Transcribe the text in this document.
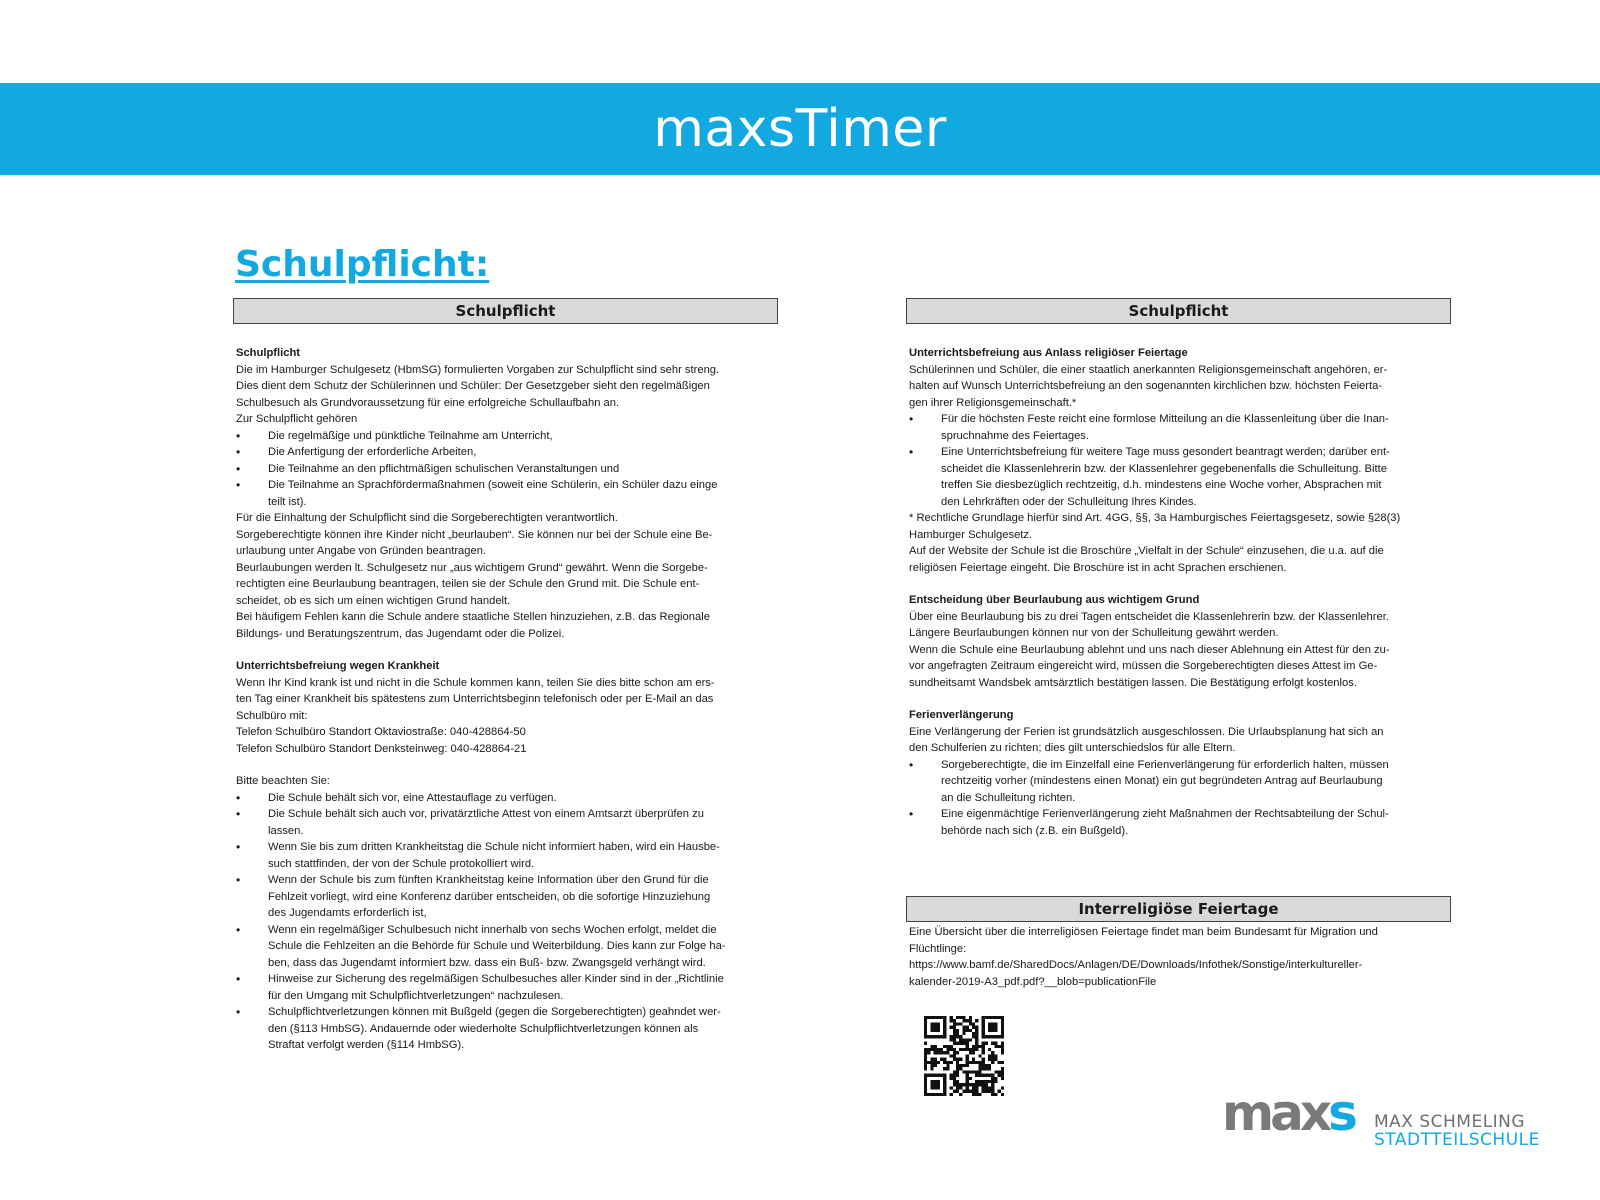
maxsTimer
Schulpflicht:
Schulpflicht
Schulpflicht
Die im Hamburger Schulgesetz (HbmSG) formulierten Vorgaben zur Schulpflicht sind sehr streng.
Dies dient dem Schutz der Schülerinnen und Schüler: Der Gesetzgeber sieht den regelmäßigen
Schulbesuch als Grundvoraussetzung für eine erfolgreiche Schullaufbahn an.
Zur Schulpflicht gehören
• Die regelmäßige und pünktliche Teilnahme am Unterricht,
• Die Anfertigung der erforderliche Arbeiten,
• Die Teilnahme an den pflichtmäßigen schulischen Veranstaltungen und
• Die Teilnahme an Sprachfördermaßnahmen (soweit eine Schülerin, ein Schüler dazu einge
teilt ist).
Für die Einhaltung der Schulpflicht sind die Sorgeberechtigten verantwortlich.
Sorgeberechtigte können ihre Kinder nicht „beurlauben“. Sie können nur bei der Schule eine Be-
urlaubung unter Angabe von Gründen beantragen.
Beurlaubungen werden lt. Schulgesetz nur „aus wichtigem Grund“ gewährt. Wenn die Sorgebe-
rechtigten eine Beurlaubung beantragen, teilen sie der Schule den Grund mit. Die Schule ent-
scheidet, ob es sich um einen wichtigen Grund handelt.
Bei häufigem Fehlen kann die Schule andere staatliche Stellen hinzuziehen, z.B. das Regionale
Bildungs- und Beratungszentrum, das Jugendamt oder die Polizei.
Unterrichtsbefreiung wegen Krankheit
Wenn Ihr Kind krank ist und nicht in die Schule kommen kann, teilen Sie dies bitte schon am ers-
ten Tag einer Krankheit bis spätestens zum Unterrichtsbeginn telefonisch oder per E-Mail an das
Schulbüro mit:
Telefon Schulbüro Standort Oktaviostraße: 040-428864-50
Telefon Schulbüro Standort Denksteinweg: 040-428864-21
Bitte beachten Sie:
• Die Schule behält sich vor, eine Attestauflage zu verfügen.
• Die Schule behält sich auch vor, privatärztliche Attest von einem Amtsarzt überprüfen zu
lassen.
• Wenn Sie bis zum dritten Krankheitstag die Schule nicht informiert haben, wird ein Hausbe-
such stattfinden, der von der Schule protokolliert wird.
• Wenn der Schule bis zum fünften Krankheitstag keine Information über den Grund für die
Fehlzeit vorliegt, wird eine Konferenz darüber entscheiden, ob die sofortige Hinzuziehung
des Jugendamts erforderlich ist,
• Wenn ein regelmäßiger Schulbesuch nicht innerhalb von sechs Wochen erfolgt, meldet die
Schule die Fehlzeiten an die Behörde für Schule und Weiterbildung. Dies kann zur Folge ha-
ben, dass das Jugendamt informiert bzw. dass ein Buß- bzw. Zwangsgeld verhängt wird.
• Hinweise zur Sicherung des regelmäßigen Schulbesuches aller Kinder sind in der „Richtlinie
für den Umgang mit Schulpflichtverletzungen“ nachzulesen.
• Schulpflichtverletzungen können mit Bußgeld (gegen die Sorgeberechtigten) geahndet wer-
den (§113 HmbSG). Andauernde oder wiederholte Schulpflichtverletzungen können als
Straftat verfolgt werden (§114 HmbSG).
Schulpflicht
Unterrichtsbefreiung aus Anlass religiöser Feiertage
Schülerinnen und Schüler, die einer staatlich anerkannten Religionsgemeinschaft angehören, er-
halten auf Wunsch Unterrichtsbefreiung an den sogenannten kirchlichen bzw. höchsten Feierta-
gen ihrer Religionsgemeinschaft.*
• Für die höchsten Feste reicht eine formlose Mitteilung an die Klassenleitung über die Inan-
spruchnahme des Feiertages.
• Eine Unterrichtsbefreiung für weitere Tage muss gesondert beantragt werden; darüber ent-
scheidet die Klassenlehrerin bzw. der Klassenlehrer gegebenenfalls die Schulleitung. Bitte
treffen Sie diesbezüglich rechtzeitig, d.h. mindestens eine Woche vorher, Absprachen mit
den Lehrkräften oder der Schulleitung Ihres Kindes.
* Rechtliche Grundlage hierfür sind Art. 4GG, §§, 3a Hamburgisches Feiertagsgesetz, sowie §28(3)
Hamburger Schulgesetz.
Auf der Website der Schule ist die Broschüre „Vielfalt in der Schule“ einzusehen, die u.a. auf die
religiösen Feiertage eingeht. Die Broschüre ist in acht Sprachen erschienen.
Entscheidung über Beurlaubung aus wichtigem Grund
Über eine Beurlaubung bis zu drei Tagen entscheidet die Klassenlehrerin bzw. der Klassenlehrer.
Längere Beurlaubungen können nur von der Schulleitung gewährt werden.
Wenn die Schule eine Beurlaubung ablehnt und uns nach dieser Ablehnung ein Attest für den zu-
vor angefragten Zeitraum eingereicht wird, müssen die Sorgeberechtigten dieses Attest im Ge-
sundheitsamt Wandsbek amtsärztlich bestätigen lassen. Die Bestätigung erfolgt kostenlos.
Ferienverlängerung
Eine Verlängerung der Ferien ist grundsätzlich ausgeschlossen. Die Urlaubsplanung hat sich an
den Schulferien zu richten; dies gilt unterschiedslos für alle Eltern.
• Sorgeberechtigte, die im Einzelfall eine Ferienverlängerung für erforderlich halten, müssen
rechtzeitig vorher (mindestens einen Monat) ein gut begründeten Antrag auf Beurlaubung
an die Schulleitung richten.
• Eine eigenmächtige Ferienverlängerung zieht Maßnahmen der Rechtsabteilung der Schul-
behörde nach sich (z.B. ein Bußgeld).
Interreligiöse Feiertage
Eine Übersicht über die interreligiösen Feiertage findet man beim Bundesamt für Migration und
Flüchtlinge:
https://www.bamf.de/SharedDocs/Anlagen/DE/Downloads/Infothek/Sonstige/interkultureller-
kalender-2019-A3_pdf.pdf?__blob=publicationFile
maxs MAX SCHMELING
STADTTEILSCHULE
